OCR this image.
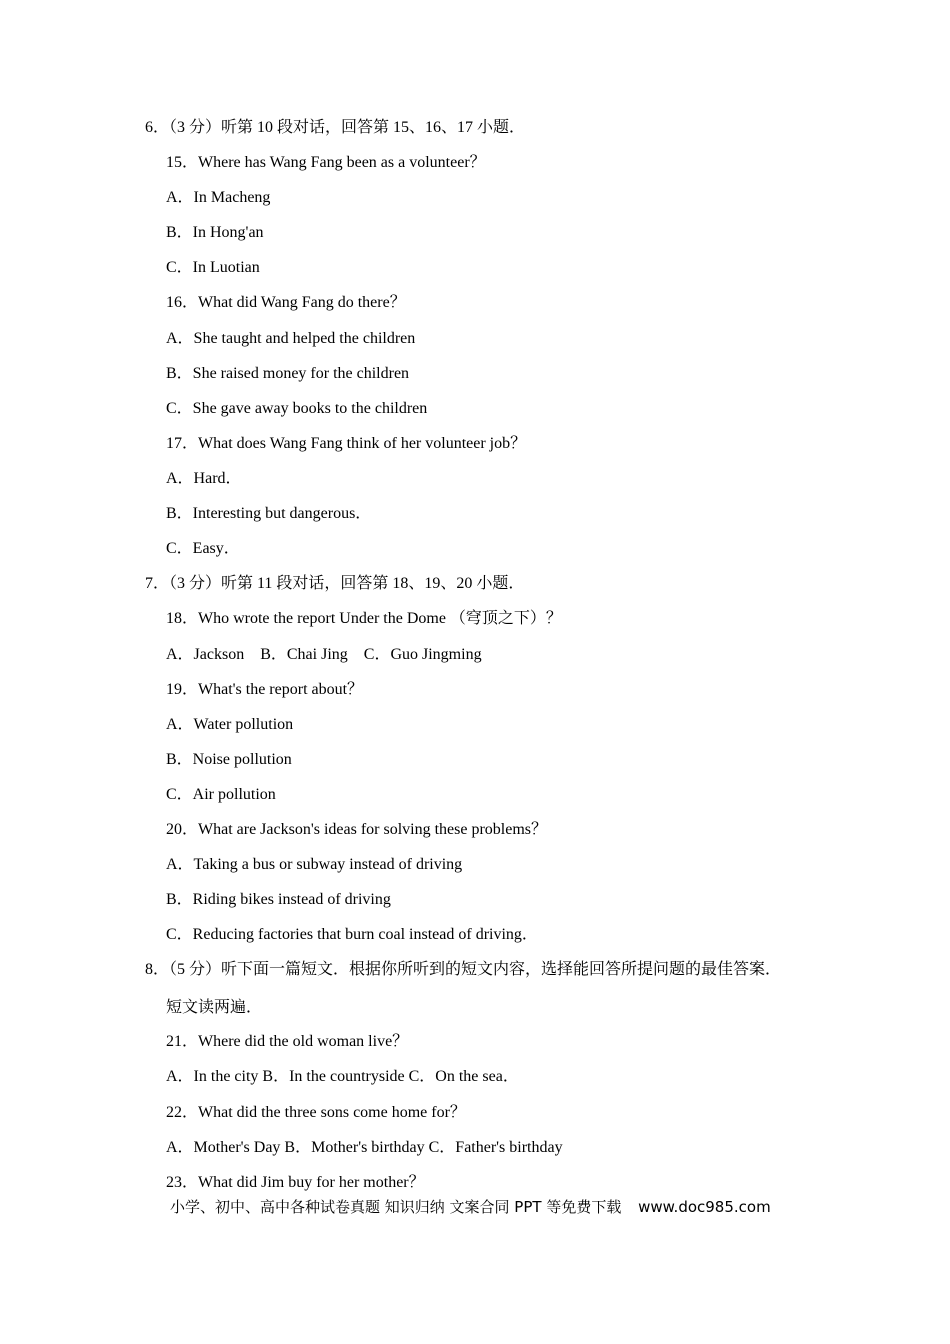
6．（3 分）听第 10 段对话，回答第 15、16、17 小题．
15．Where has Wang Fang been as a volunteer？
A．In Macheng
B．In Hong'an
C．In Luotian
16．What did Wang Fang do there？
A．She taught and helped the children
B．She raised money for the children
C．She gave away books to the children
17．What does Wang Fang think of her volunteer job？
A．Hard．
B．Interesting but dangerous．
C．Easy．
7．（3 分）听第 11 段对话，回答第 18、19、20 小题．
18．Who wrote the report Under the Dome （穹顶之下）？
A．Jackson　B．Chai Jing　C．Guo Jingming
19．What's the report about？
A．Water pollution
B．Noise pollution
C．Air pollution
20．What are Jackson's ideas for solving these problems？
A．Taking a bus or subway instead of driving
B．Riding bikes instead of driving
C．Reducing factories that burn coal instead of driving．
8．（5 分）听下面一篇短文．根据你所听到的短文内容，选择能回答所提问题的最佳答案．
短文读两遍．
21．Where did the old woman live？
A．In the city B．In the countryside C．On the sea．
22．What did the three sons come home for？
A．Mother's Day B．Mother's birthday C．Father's birthday
23．What did Jim buy for her mother？
小学、初中、高中各种试卷真题 知识归纳 文案合同 PPT 等免费下载 www.doc985.com
